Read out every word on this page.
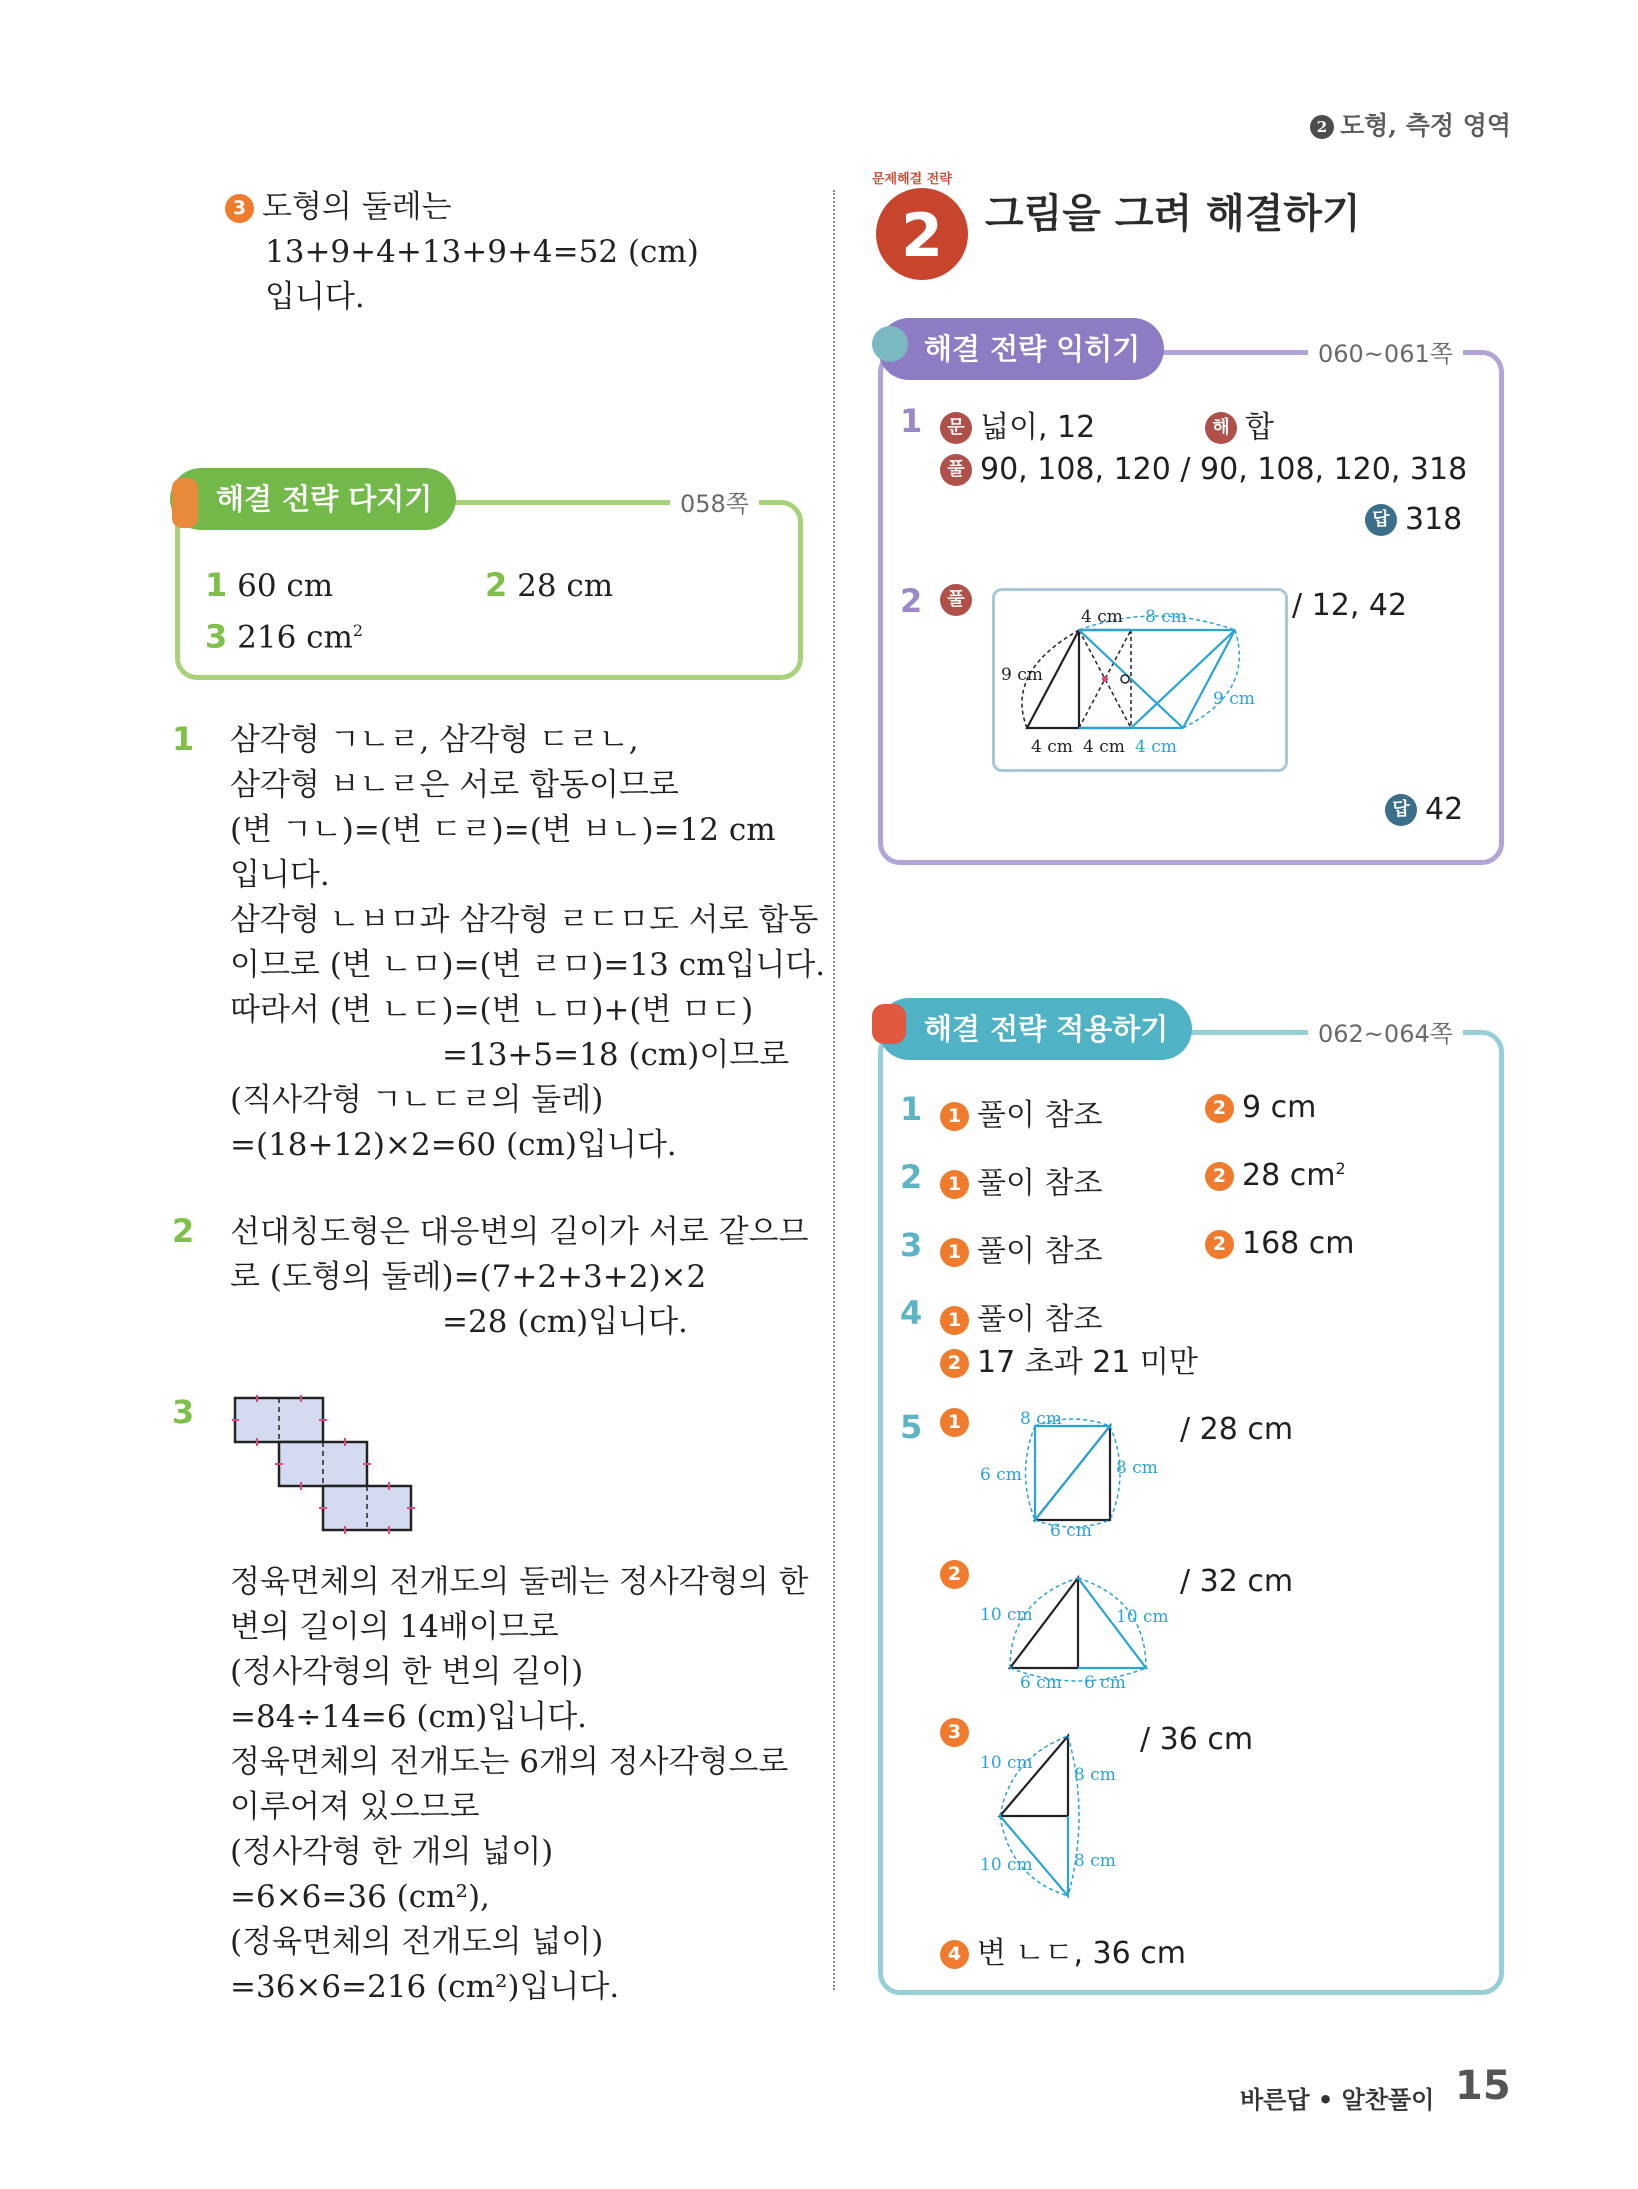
2 도형, 측정 영역
3 도형의 둘레는
13+9+4+13+9+4=52 (cm)
입니다.
해결 전략 다지기	058쪽
1 60 cm	2 28 cm
3 216 $cm^2$
1 삼각형 ㄱㄴㄹ, 삼각형 ㄷㄹㄴ,
삼각형 ㅂㄴㄹ은 서로 합동이므로
(변 ㄱㄴ)=(변 ㄷㄹ)=(변 ㅂㄴ)=12 cm
입니다.
삼각형 ㄴㅂㅁ과 삼각형 ㄹㄷㅁ도 서로 합동
이므로 (변 ㄴㅁ)=(변 ㄹㅁ)=13 cm입니다.
따라서 (변 ㄴㄷ)=(변 ㄴㅁ)+(변 ㅁㄷ)
=13+5=18 (cm)이므로
(직사각형 ㄱㄴㄷㄹ의 둘레)
=(18+12)×2=60 (cm)입니다.
2 선대칭도형은 대응변의 길이가 서로 같으므
로 (도형의 둘레)=(7+2+3+2)×2
=28 (cm)입니다.
3
정육면체의 전개도의 둘레는 정사각형의 한
변의 길이의 14배이므로
(정사각형의 한 변의 길이)
=84÷14=6 (cm)입니다.
정육면체의 전개도는 6개의 정사각형으로
이루어져 있으므로
(정사각형 한 개의 넓이)
=6×6=36 (cm²),
(정육면체의 전개도의 넓이)
=36×6=216 (cm²)입니다.
문제해결 전략
2	그림을 그려 해결하기
해결 전략 익히기	060~061쪽
1	문 넓이, 12	해 합
풀 90, 108, 120 / 90, 108, 120, 318
답 318
2	풀
4 cm 8 cm
9 cm
9 cm
4 cm 4 cm 4 cm
/ 12, 42
답 42
해결 전략 적용하기	062~064쪽
1	1 풀이 참조	2 9 cm
2	1 풀이 참조	2 28 $cm^2$
3	1 풀이 참조	2 168 cm
4	1 풀이 참조
2 17 초과 21 미만
5	1	8 cm
6 cm	8 cm
6 cm
/ 28 cm
2
10 cm	10 cm
6 cm 6 cm
/ 32 cm
3
10 cm
8 cm
10 cm 8 cm
/ 36 cm
4 변 ㄴㄷ, 36 cm
바른답 • 알찬풀이 15
